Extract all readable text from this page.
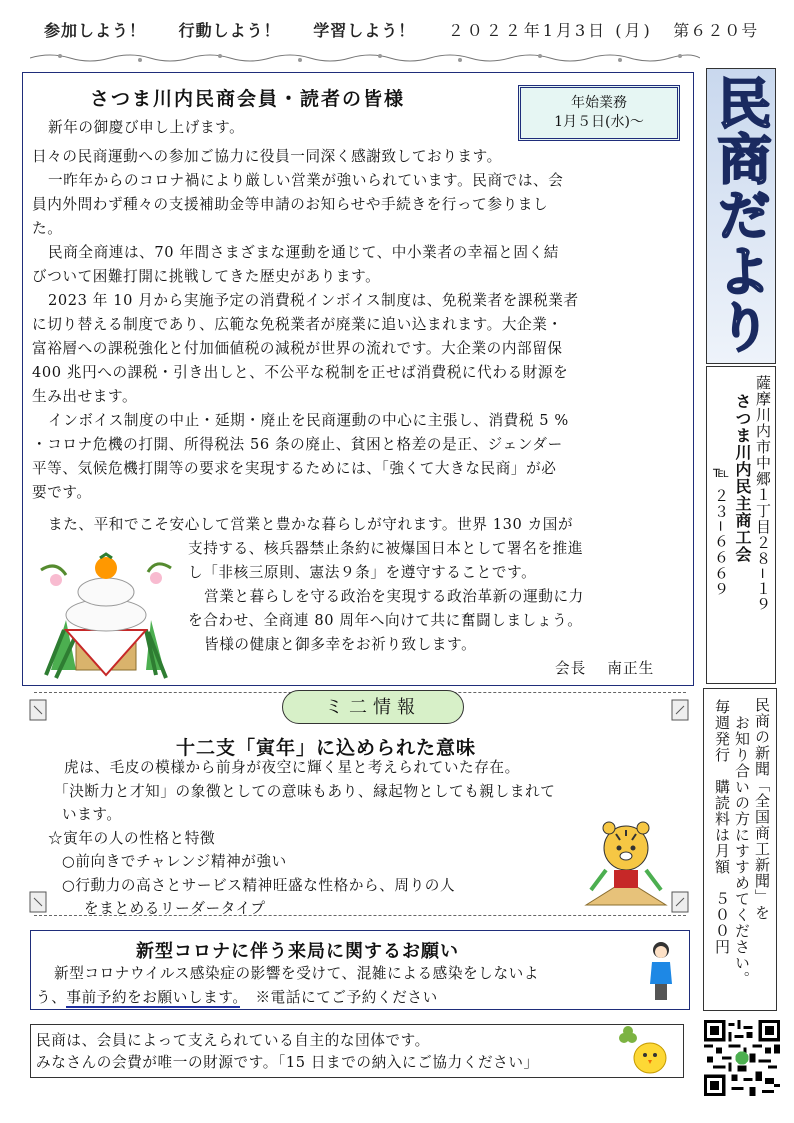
参加しよう！ 行動しよう！ 学習しよう！ ２０２２年1月3日 (月) 第６２０号
さつま川内民商会員・読者の皆様	年始業務
1月５日(水)〜
新年の御慶び申し上げます。
日々の民商運動への参加ご協力に役員一同深く感謝致しております。
一昨年からのコロナ禍により厳しい営業が強いられています。民商では、会
員内外問わず種々の支援補助金等申請のお知らせや手続きを行って参りまし
た。
民商全商連は、70 年間さまざまな運動を通じて、中小業者の幸福と固く結
びついて困難打開に挑戦してきた歴史があります。
2023 年 10 月から実施予定の消費税インボイス制度は、免税業者を課税業者
に切り替える制度であり、広範な免税業者が廃業に追い込まれます。大企業・
富裕層への課税強化と付加価値税の減税が世界の流れです。大企業の内部留保
400 兆円への課税・引き出しと、不公平な税制を正せば消費税に代わる財源を
生み出せます。
インボイス制度の中止・延期・廃止を民商運動の中心に主張し、消費税 5 %
・コロナ危機の打開、所得税法 56 条の廃止、貧困と格差の是正、ジェンダー
平等、気候危機打開等の要求を実現するためには、「強くて大きな民商」が必
要です。
また、平和でこそ安心して営業と豊かな暮らしが守れます。世界 130 カ国が
支持する、核兵器禁止条約に被爆国日本として署名を推進
し「非核三原則、憲法９条」を遵守することです。
営業と暮らしを守る政治を実現する政治革新の運動に力
を合わせ、全商連 80 周年へ向けて共に奮闘しましょう。
皆様の健康と御多幸をお祈り致します。
会長　 南正生
民商だより
薩摩川内市中郷１丁目２８−１９
さつま川内民主商工会
℡ ２３−６６６９
民商の新聞「全国商工新聞」を
お知り合いの方にすすめてください。
毎週発行　購読料は月額　５００円
ミ二情報
十二支「寅年」に込められた意味
虎は、毛皮の模様から前身が夜空に輝く星と考えられていた存在。
「決断力と才知」の象徴としての意味もあり、縁起物としても親しまれて
います。
☆寅年の人の性格と特徴
○前向きでチャレンジ精神が強い
○行動力の高さとサービス精神旺盛な性格から、周りの人
をまとめるリーダータイプ
新型コロナに伴う来局に関するお願い
新型コロナウイルス感染症の影響を受けて、混雑による感染をしないよ
う、事前予約をお願いします。　※電話にてご予約ください
民商は、会員によって支えられている自主的な団体です。
みなさんの会費が唯一の財源です。「15 日までの納入にご協力ください」
